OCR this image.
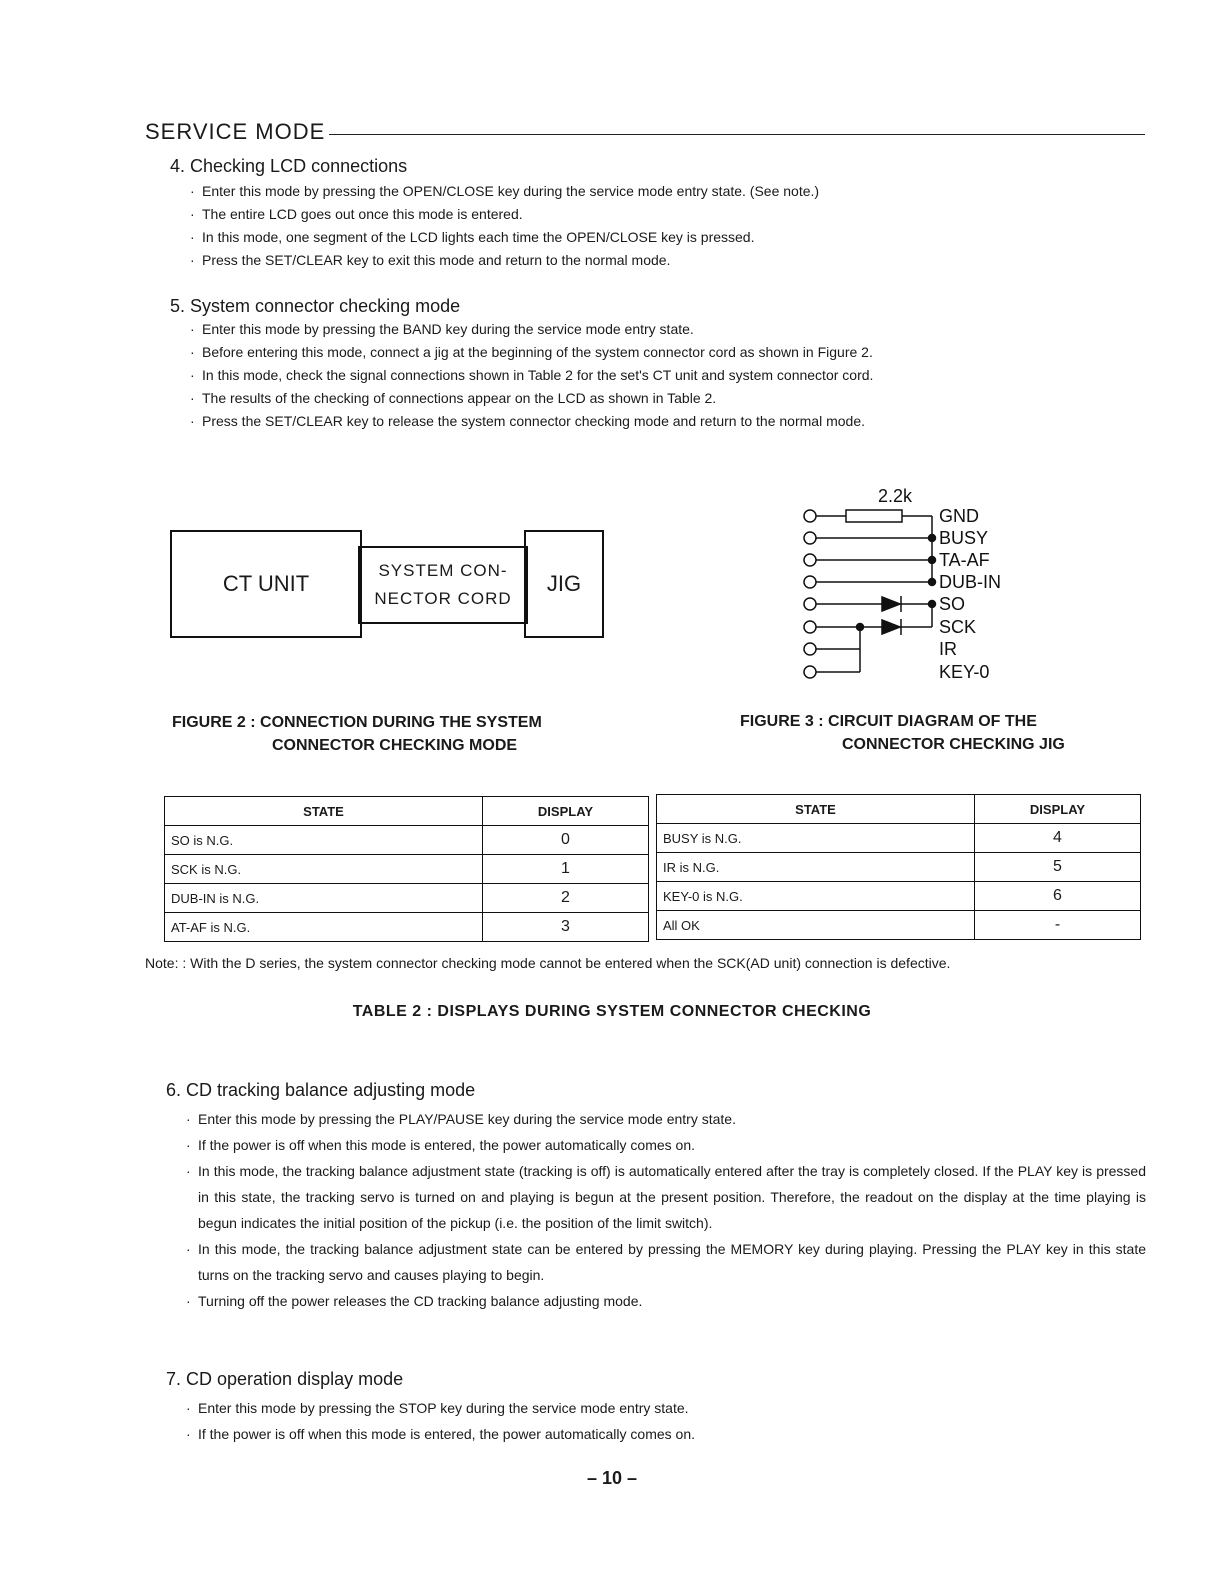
SERVICE MODE
4. Checking LCD connections
· Enter this mode by pressing the OPEN/CLOSE key during the service mode entry state. (See note.)
· The entire LCD goes out once this mode is entered.
· In this mode, one segment of the LCD lights each time the OPEN/CLOSE key is pressed.
· Press the SET/CLEAR key to exit this mode and return to the normal mode.
5. System connector checking mode
· Enter this mode by pressing the BAND key during the service mode entry state.
· Before entering this mode, connect a jig at the beginning of the system connector cord as shown in Figure 2.
· In this mode, check the signal connections shown in Table 2 for the set's CT unit and system connector cord.
· The results of the checking of connections appear on the LCD as shown in Table 2.
· Press the SET/CLEAR key to release the system connector checking mode and return to the normal mode.
CT UNIT
SYSTEM CON-
NECTOR CORD
JIG
FIGURE 2 : CONNECTION DURING THE SYSTEM
CONNECTOR CHECKING MODE
2.2k
GND
BUSY
TA-AF
DUB-IN
SO
SCK
IR
KEY-0
FIGURE 3 : CIRCUIT DIAGRAM OF THE
CONNECTOR CHECKING JIG
STATE	DISPLAY
SO is N.G.	0
SCK is N.G.	1
DUB-IN is N.G.	2
AT-AF is N.G.	3
STATE	DISPLAY
BUSY is N.G.	4
IR is N.G.	5
KEY-0 is N.G.	6
All OK	-
Note: : With the D series, the system connector checking mode cannot be entered when the SCK(AD unit) connection is defective.
TABLE 2 : DISPLAYS DURING SYSTEM CONNECTOR CHECKING
6. CD tracking balance adjusting mode
· Enter this mode by pressing the PLAY/PAUSE key during the service mode entry state.
· If the power is off when this mode is entered, the power automatically comes on.
· In this mode, the tracking balance adjustment state (tracking is off) is automatically entered after the tray is completely closed. If the PLAY key is pressed in this state, the tracking servo is turned on and playing is begun at the present position. Therefore, the readout on the display at the time playing is begun indicates the initial position of the pickup (i.e. the position of the limit switch).
· In this mode, the tracking balance adjustment state can be entered by pressing the MEMORY key during playing. Pressing the PLAY key in this state turns on the tracking servo and causes playing to begin.
· Turning off the power releases the CD tracking balance adjusting mode.
7. CD operation display mode
· Enter this mode by pressing the STOP key during the service mode entry state.
· If the power is off when this mode is entered, the power automatically comes on.
– 10 –
